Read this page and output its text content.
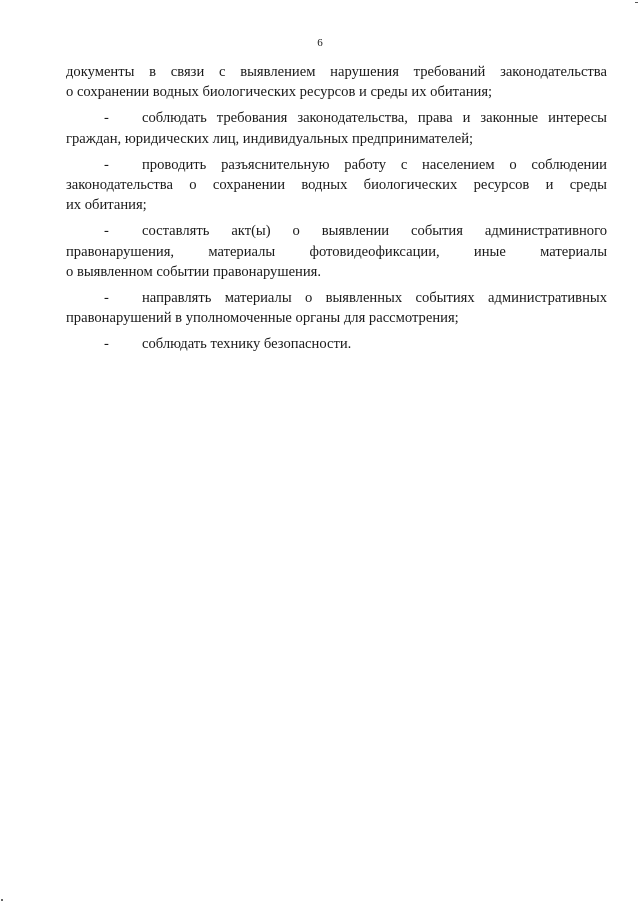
6
документы в связи с выявлением нарушения требований законодательства
о сохранении водных биологических ресурсов и среды их обитания;
-	соблюдать требования законодательства, права и законные интересы
граждан, юридических лиц, индивидуальных предпринимателей;
-	проводить разъяснительную работу с населением о соблюдении
законодательства о сохранении водных биологических ресурсов и среды
их обитания;
-	составлять акт(ы) о выявлении события административного
правонарушения, материалы фотовидеофиксации, иные материалы
о выявленном событии правонарушения.
-	направлять материалы о выявленных событиях административных
правонарушений в уполномоченные органы для рассмотрения;
-	соблюдать технику безопасности.
